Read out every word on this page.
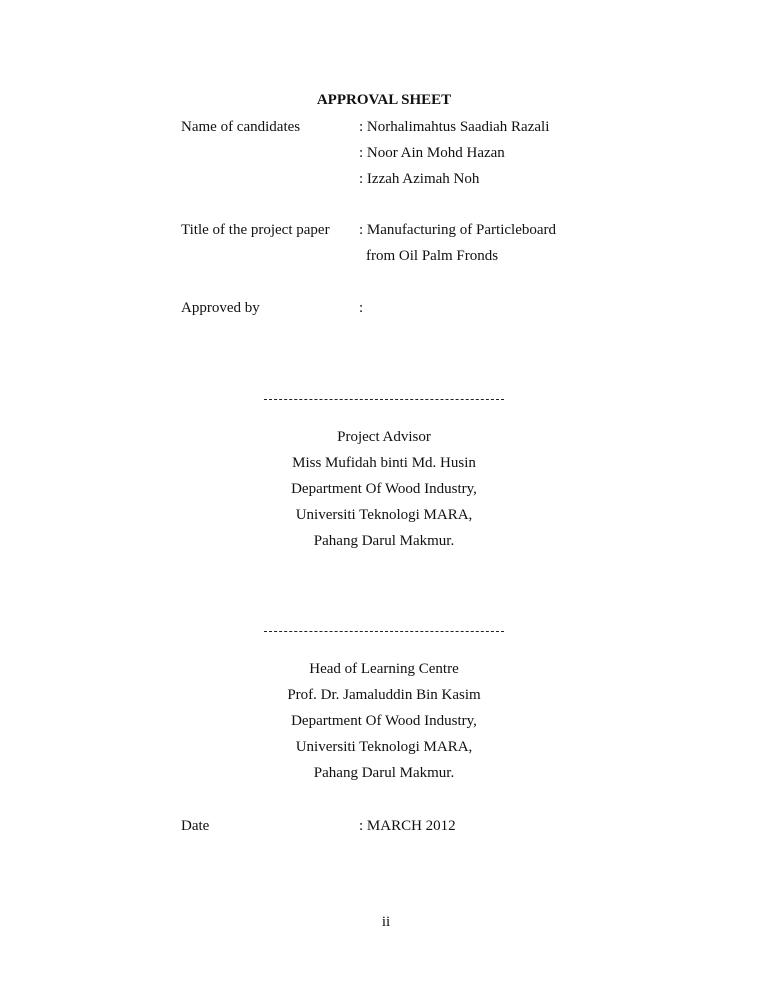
APPROVAL SHEET
Name of candidates	: Norhalimahtus Saadiah Razali
: Noor Ain Mohd Hazan
: Izzah Azimah Noh
Title of the project paper : Manufacturing of Particleboard
from Oil Palm Fronds
Approved by	:
Project Advisor
Miss Mufidah binti Md. Husin
Department Of Wood Industry,
Universiti Teknologi MARA,
Pahang Darul Makmur.
Head of Learning Centre
Prof. Dr. Jamaluddin Bin Kasim
Department Of Wood Industry,
Universiti Teknologi MARA,
Pahang Darul Makmur.
Date	: MARCH 2012
ii
